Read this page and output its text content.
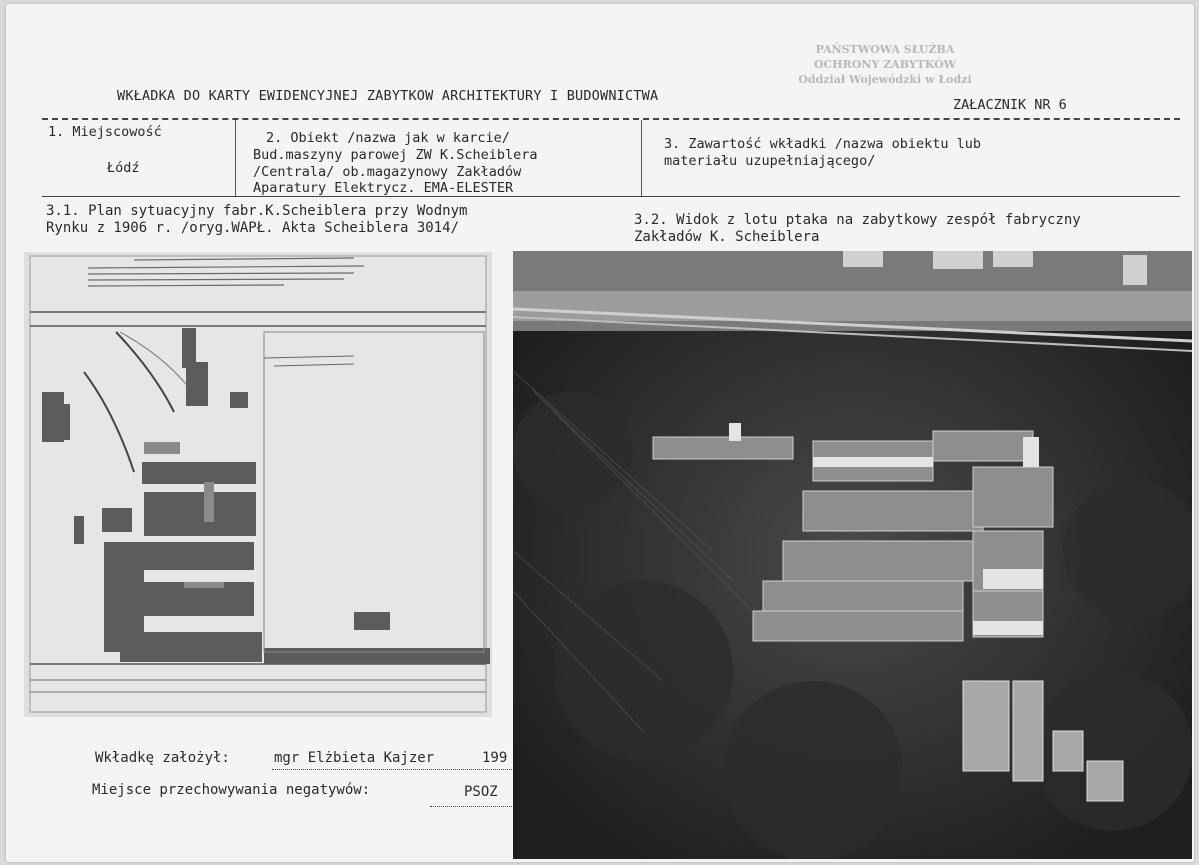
PAŃSTWOWA SŁUŻBA
OCHRONY ZABYTKÓW
Oddział Wojewódzki w Łodzi
WKŁADKA DO KARTY EWIDENCYJNEJ ZABYTKOW ARCHITEKTURY I BUDOWNICTWA
ZAŁACZNIK NR 6
1. Miejscowość
Łódź
2. Obiekt /nazwa jak w karcie/
Bud.maszyny parowej ZW K.Scheiblera
/Centrala/ ob.magazynowy Zakładów
Aparatury Elektrycz. EMA-ELESTER
3. Zawartość wkładki /nazwa obiektu lub
materiału uzupełniającego/
3.1. Plan sytuacyjny fabr.K.Scheiblera przy Wodnym
Rynku z 1906 r. /oryg.WAPŁ. Akta Scheiblera 3014/	3.2. Widok z lotu ptaka na zabytkowy zespół fabryczny
Zakładów K. Scheiblera
Wkładkę założył:	mgr Elżbieta Kajzer	199
Miejsce przechowywania negatywów:	PSOZ
